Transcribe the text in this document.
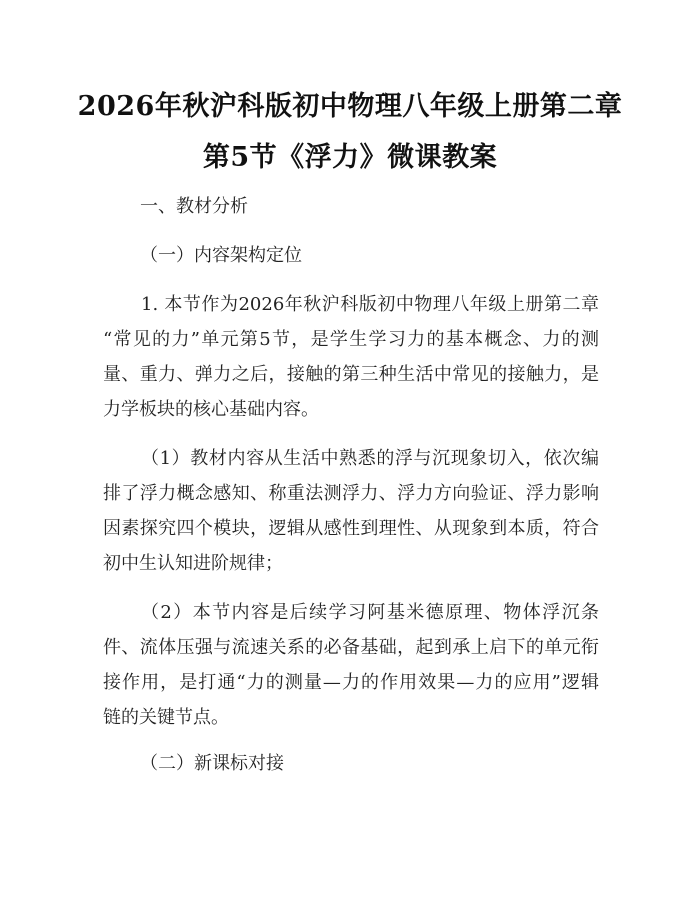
2026年秋沪科版初中物理八年级上册第二章
第5节《浮力》微课教案
一、教材分析
（一）内容架构定位
1. 本节作为2026年秋沪科版初中物理八年级上册第二章
“常见的力”单元第5节，是学生学习力的基本概念、力的测
量、重力、弹力之后，接触的第三种生活中常见的接触力，是
力学板块的核心基础内容。
（1）教材内容从生活中熟悉的浮与沉现象切入，依次编
排了浮力概念感知、称重法测浮力、浮力方向验证、浮力影响
因素探究四个模块，逻辑从感性到理性、从现象到本质，符合
初中生认知进阶规律；
（2）本节内容是后续学习阿基米德原理、物体浮沉条
件、流体压强与流速关系的必备基础，起到承上启下的单元衔
接作用，是打通“力的测量—力的作用效果—力的应用”逻辑
链的关键节点。
（二）新课标对接
